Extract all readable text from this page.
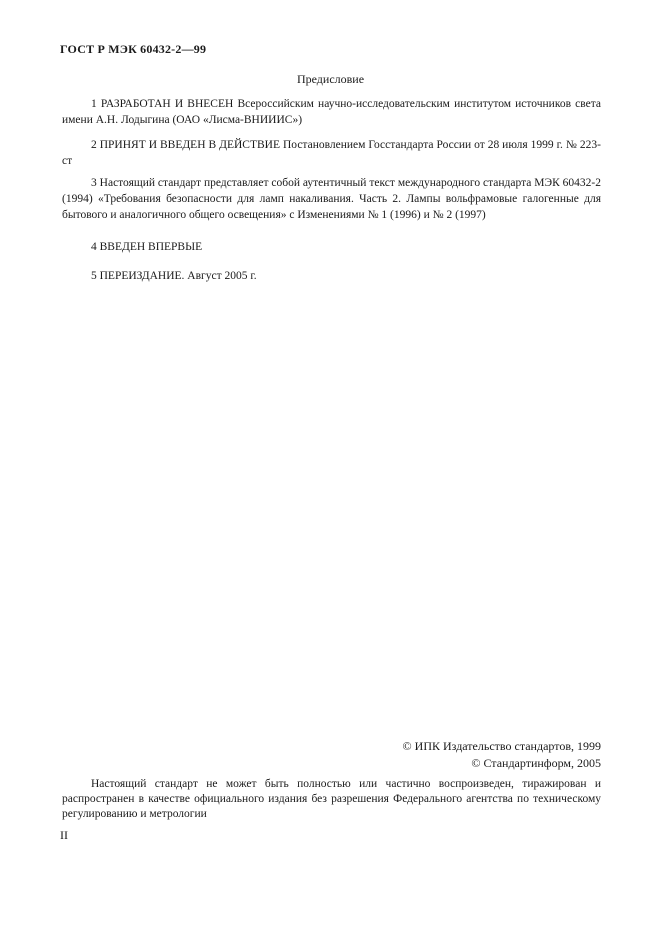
ГОСТ Р МЭК 60432-2—99
Предисловие

1 РАЗРАБОТАН И ВНЕСЕН Всероссийским научно-исследовательским институтом источников света имени А.Н. Лодыгина (ОАО «Лисма-ВНИИИС»)

2 ПРИНЯТ И ВВЕДЕН В ДЕЙСТВИЕ Постановлением Госстандарта России от 28 июля 1999 г. № 223-ст

3 Настоящий стандарт представляет собой аутентичный текст международного стандарта МЭК 60432-2 (1994) «Требования безопасности для ламп накаливания. Часть 2. Лампы вольфрамовые галогенные для бытового и аналогичного общего освещения» с Изменениями № 1 (1996) и № 2 (1997)

4 ВВЕДЕН ВПЕРВЫЕ

5 ПЕРЕИЗДАНИЕ. Август 2005 г.

© ИПК Издательство стандартов, 1999
© Стандартинформ, 2005

Настоящий стандарт не может быть полностью или частично воспроизведен, тиражирован и распространен в качестве официального издания без разрешения Федерального агентства по техническому регулированию и метрологии

II
